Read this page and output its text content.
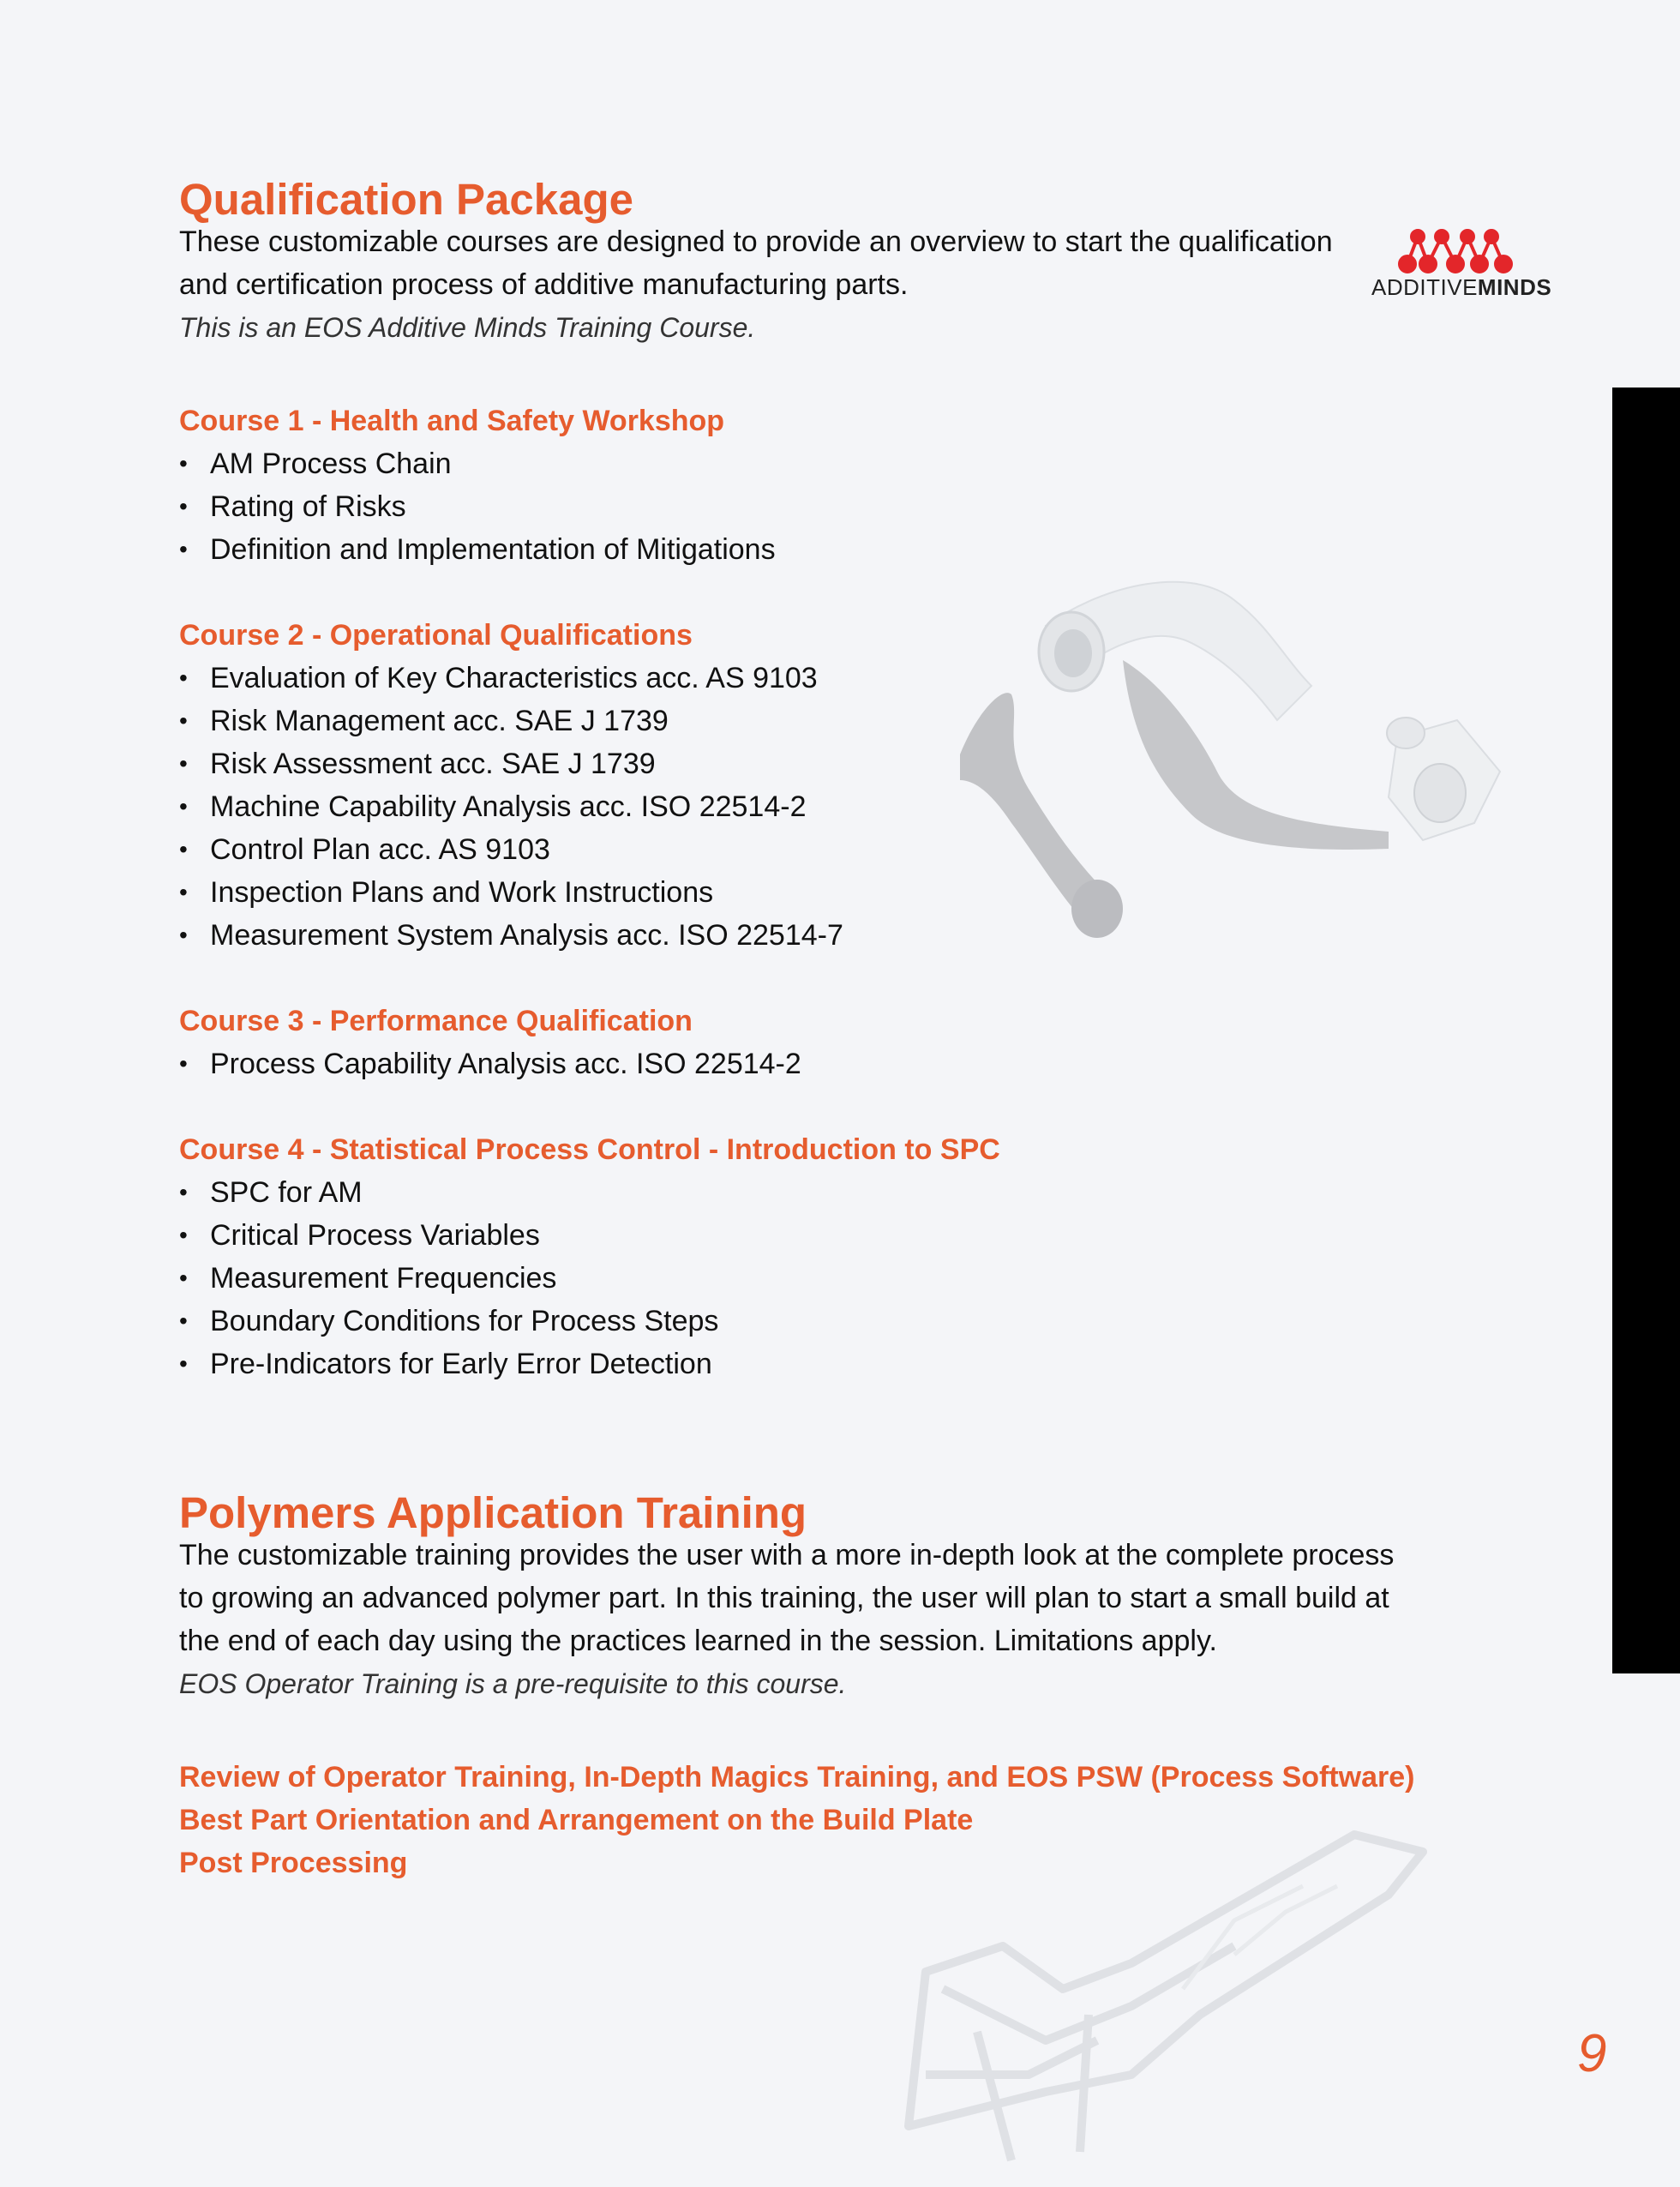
ADDITIVEMINDS
Qualification Package

These customizable courses are designed to provide an overview to start the qualification

and certification process of additive manufacturing parts.

This is an EOS Additive Minds Training Course.

Course 1 - Health and Safety Workshop

• AM Process Chain
• Rating of Risks
• Definition and Implementation of Mitigations

Course 2 - Operational Qualifications

• Evaluation of Key Characteristics acc. AS 9103
• Risk Management acc. SAE J 1739
• Risk Assessment acc. SAE J 1739
• Machine Capability Analysis acc. ISO 22514-2
• Control Plan acc. AS 9103
• Inspection Plans and Work Instructions
• Measurement System Analysis acc. ISO 22514-7

Course 3 - Performance Qualification

• Process Capability Analysis acc. ISO 22514-2

Course 4 - Statistical Process Control - Introduction to SPC

• SPC for AM
• Critical Process Variables
• Measurement Frequencies
• Boundary Conditions for Process Steps
• Pre-Indicators for Early Error Detection
Polymers Application Training

The customizable training provides the user with a more in-depth look at the complete process

to growing an advanced polymer part. In this training, the user will plan to start a small build at

the end of each day using the practices learned in the session. Limitations apply.

EOS Operator Training is a pre-requisite to this course.

Review of Operator Training, In-Depth Magics Training, and EOS PSW (Process Software)

Best Part Orientation and Arrangement on the Build Plate

Post Processing

9
